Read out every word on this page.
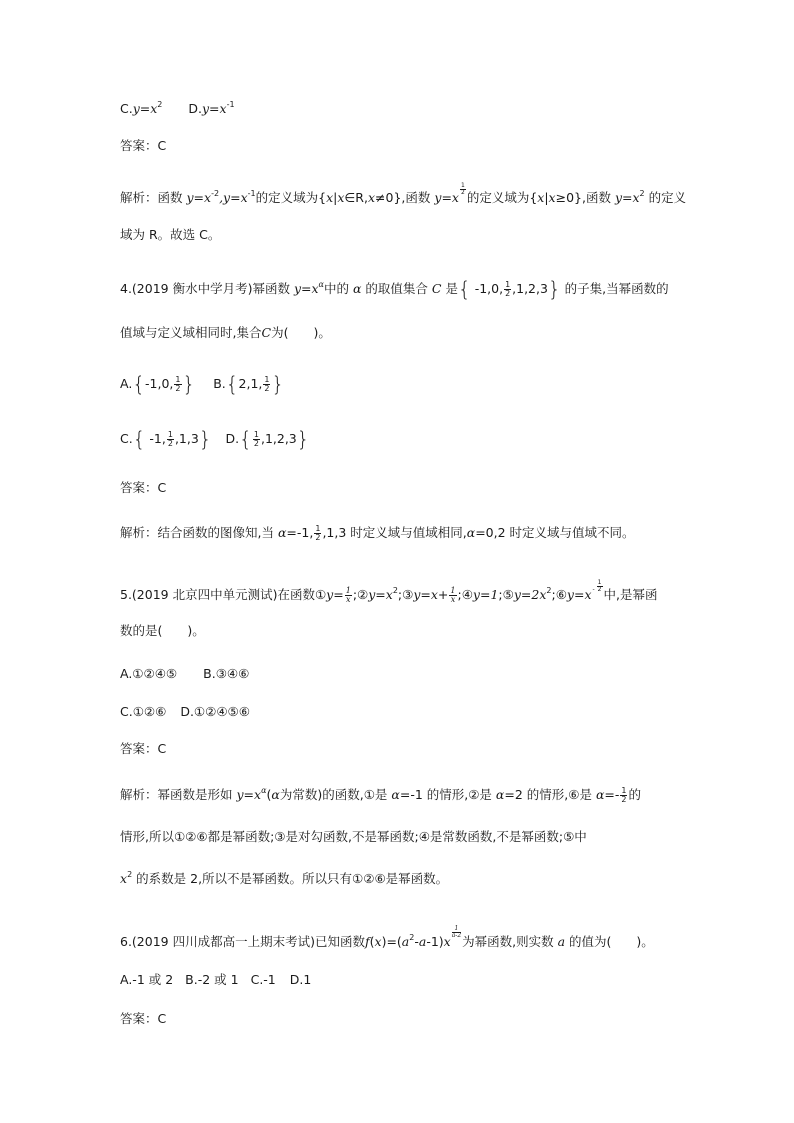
$C.y=x^2$ $D.y=x^{-1}$
答案：C
解析：函数 $y=x^{-2},y=x^{-1}$的定义域为{x|x∈R,x≠0},函数 y=x
$\frac{1}{2}$
的定义域为{x|x≥0},函数 $y=x^2$ 的定义
域为 R。故选 C。
4.(2019 衡水中学月考)幂函数 $y=x^\alpha$中的 α 的取值集合 C 是{ -1,0, $\frac{1}{2} ,1,2,3$} 的子集,当幂函数的
值域与定义域相同时,集合C为(　　)。
A.{-1,0, $\frac{1}{2}$ } B.{2,1, $\frac{1}{2}$ }
C.{ -1, $\frac{1}{2} ,1,3$} $D.\{ \frac{1}{2} ,1,2,3\}$
答案：C
解析：结合函数的图像知,当 α=-1, $\frac{1}{2} ,1,3$ 时定义域与值域相同,α=0,2 时定义域与值域不同。
5.(2019 北京四中单元测试)在函数①y= $\frac{1}{x}$ $;②y=x^2;③y=x+ \frac{1}{x}$ $;④y=1;⑤y=2x^2;⑥y=x- \frac{1}{2}$
中,是幂函
数的是(　　)。
A.①②④⑤ B.③④⑥
C.①②⑥ D.①②④⑤⑥
答案：C
解析：幂函数是形如 $y=x^\alpha(\alpha$为常数)的函数,①是 α=-1 的情形,②是 α=2 的情形,⑥是 $\alpha=- \frac{1}{2}$ 的
情形,所以①②⑥都是幂函数;③是对勾函数,不是幂函数;④是常数函数,不是幂函数;⑤中
$x^2$ 的系数是 2,所以不是幂函数。所以只有①②⑥是幂函数。
6.(2019 四川成都高一上期末考试)已知函数$f(x)=(a^2-a-1)x$
$\frac{1}{a-2}$
为幂函数,则实数 a 的值为(　　)。
A.-1 或 2 B.-2 或 1 C.-1 D.1
答案：C
